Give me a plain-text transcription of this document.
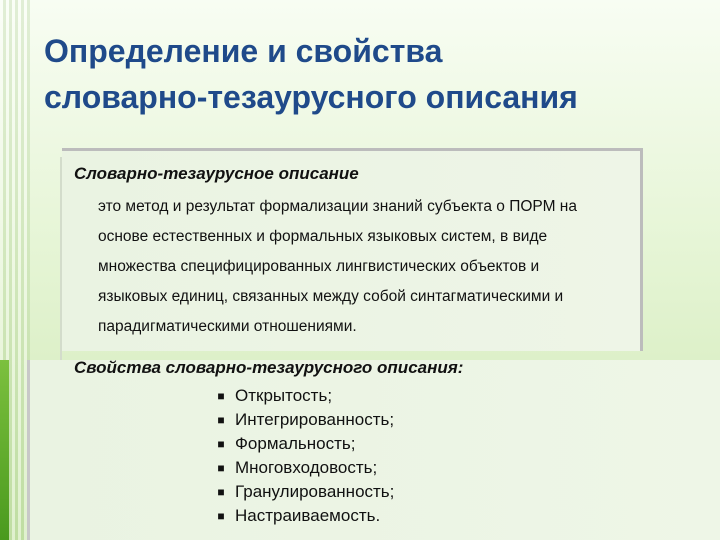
Определение и свойства
словарно-тезаурусного описания
Словарно-тезаурусное описание
это метод и результат формализации знаний субъекта о ПОРМ на
основе естественных и формальных языковых систем, в виде
множества специфицированных лингвистических объектов и
языковых единиц, связанных между собой синтагматическими и
парадигматическими отношениями.
Свойства словарно-тезаурусного описания:
■ Открытость;
■ Интегрированность;
■ Формальность;
■ Многовходовость;
■ Гранулированность;
■ Настраиваемость.
